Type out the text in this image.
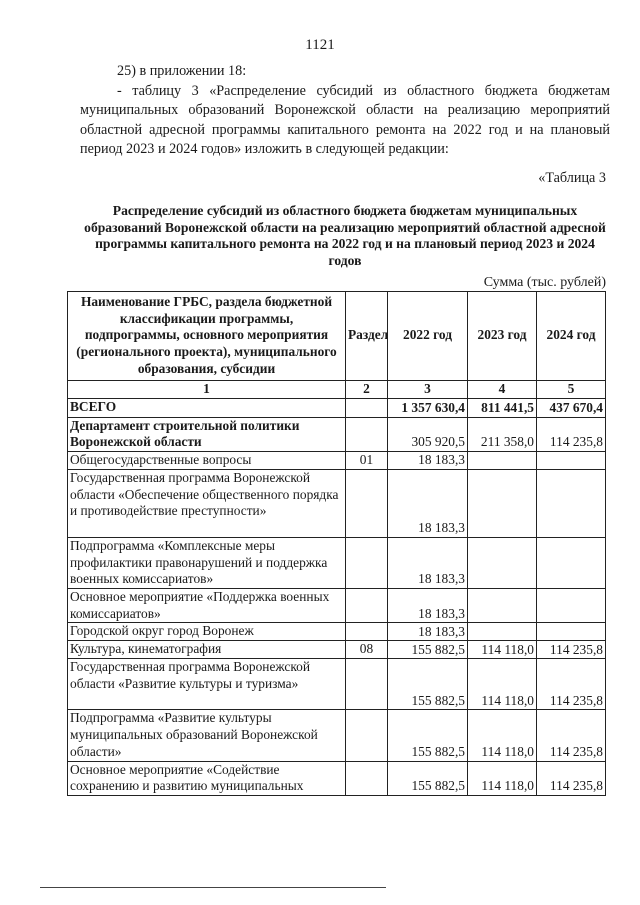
1121

25) в приложении 18:

- таблицу 3 «Распределение субсидий из областного бюджета бюджетам муниципальных образований Воронежской области на реализацию мероприятий областной адресной программы капитального ремонта на 2022 год и на плановый период 2023 и 2024 годов» изложить в следующей редакции:

«Таблица 3
Распределение субсидий из областного бюджета бюджетам муниципальных образований Воронежской области на реализацию мероприятий областной адресной программы капитального ремонта на 2022 год и на плановый период 2023 и 2024 годов
Сумма (тыс. рублей)
Наименование ГРБС, раздела бюджетной классификации программы, подпрограммы, основного мероприятия (регионального проекта), муниципального образования, субсидии	Раздел	2022 год	2023 год	2024 год
1	2	3	4	5
ВСЕГО		1 357 630,4	811 441,5	437 670,4
Департамент строительной политики Воронежской области		305 920,5	211 358,0	114 235,8
Общегосударственные вопросы	01	18 183,3		
Государственная программа Воронежской области «Обеспечение общественного порядка и противодействие преступности»		18 183,3		
Подпрограмма «Комплексные меры профилактики правонарушений и поддержка военных комиссариатов»		18 183,3		
Основное мероприятие «Поддержка военных комиссариатов»		18 183,3		
Городской округ город Воронеж		18 183,3		
Культура, кинематография	08	155 882,5	114 118,0	114 235,8
Государственная программа Воронежской области «Развитие культуры и туризма»		155 882,5	114 118,0	114 235,8
Подпрограмма «Развитие культуры муниципальных образований Воронежской области»		155 882,5	114 118,0	114 235,8
Основное мероприятие «Содействие сохранению и развитию муниципальных		155 882,5	114 118,0	114 235,8
